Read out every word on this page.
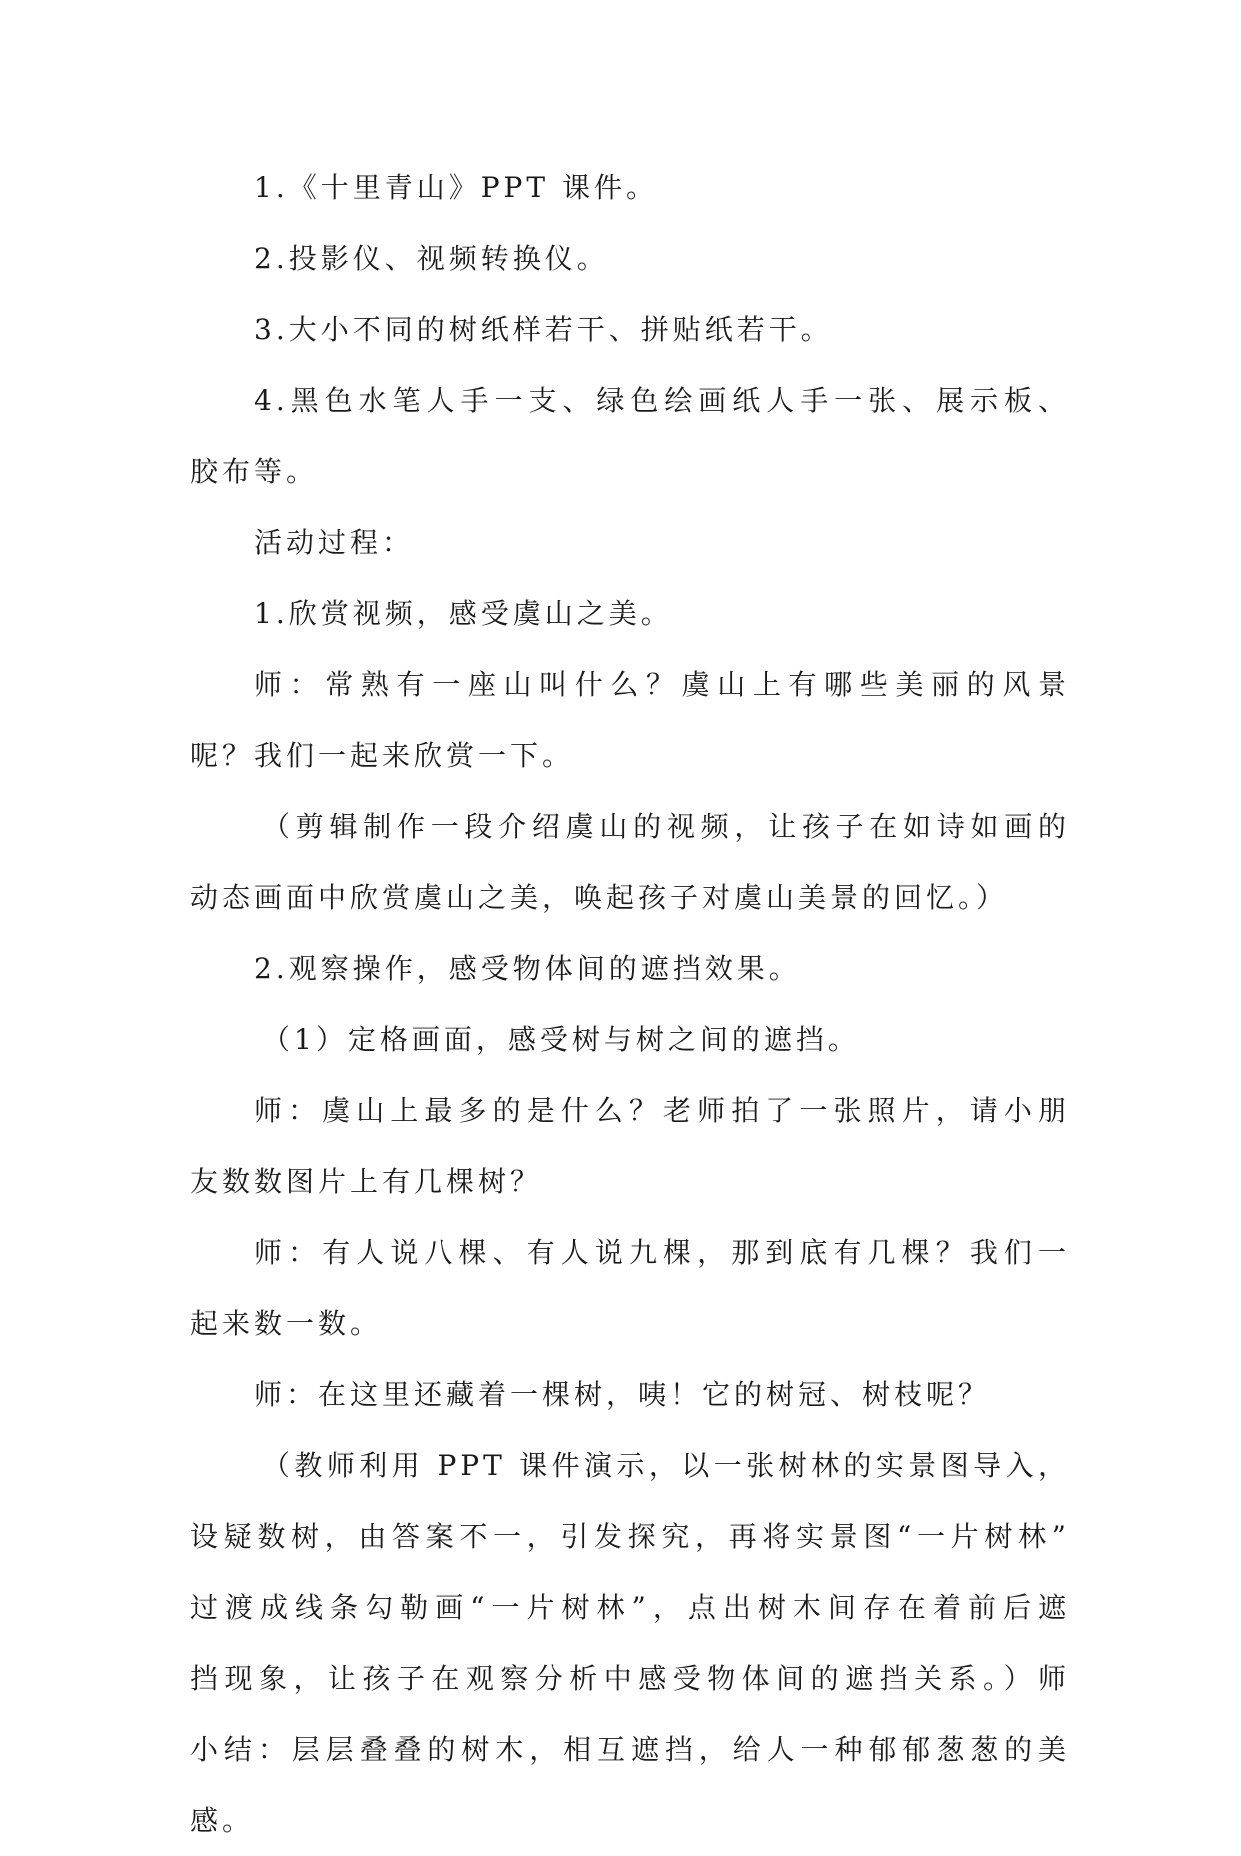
1.《十里青山》PPT 课件。
2.投影仪、视频转换仪。
3.大小不同的树纸样若干、拼贴纸若干。
4.黑色水笔人手一支、绿色绘画纸人手一张、展示板、
胶布等。
活动过程：
1.欣赏视频，感受虞山之美。
师：常熟有一座山叫什么？虞山上有哪些美丽的风景
呢？我们一起来欣赏一下。
（剪辑制作一段介绍虞山的视频，让孩子在如诗如画的
动态画面中欣赏虞山之美，唤起孩子对虞山美景的回忆。）
2.观察操作，感受物体间的遮挡效果。
（1）定格画面，感受树与树之间的遮挡。
师：虞山上最多的是什么？老师拍了一张照片，请小朋
友数数图片上有几棵树？
师：有人说八棵、有人说九棵，那到底有几棵？我们一
起来数一数。
师：在这里还藏着一棵树，咦！它的树冠、树枝呢？
（教师利用 PPT 课件演示，以一张树林的实景图导入，
设疑数树，由答案不一，引发探究，再将实景图“一片树林”
过渡成线条勾勒画“一片树林”，点出树木间存在着前后遮
挡现象，让孩子在观察分析中感受物体间的遮挡关系。）师
小结：层层叠叠的树木，相互遮挡，给人一种郁郁葱葱的美
感。
